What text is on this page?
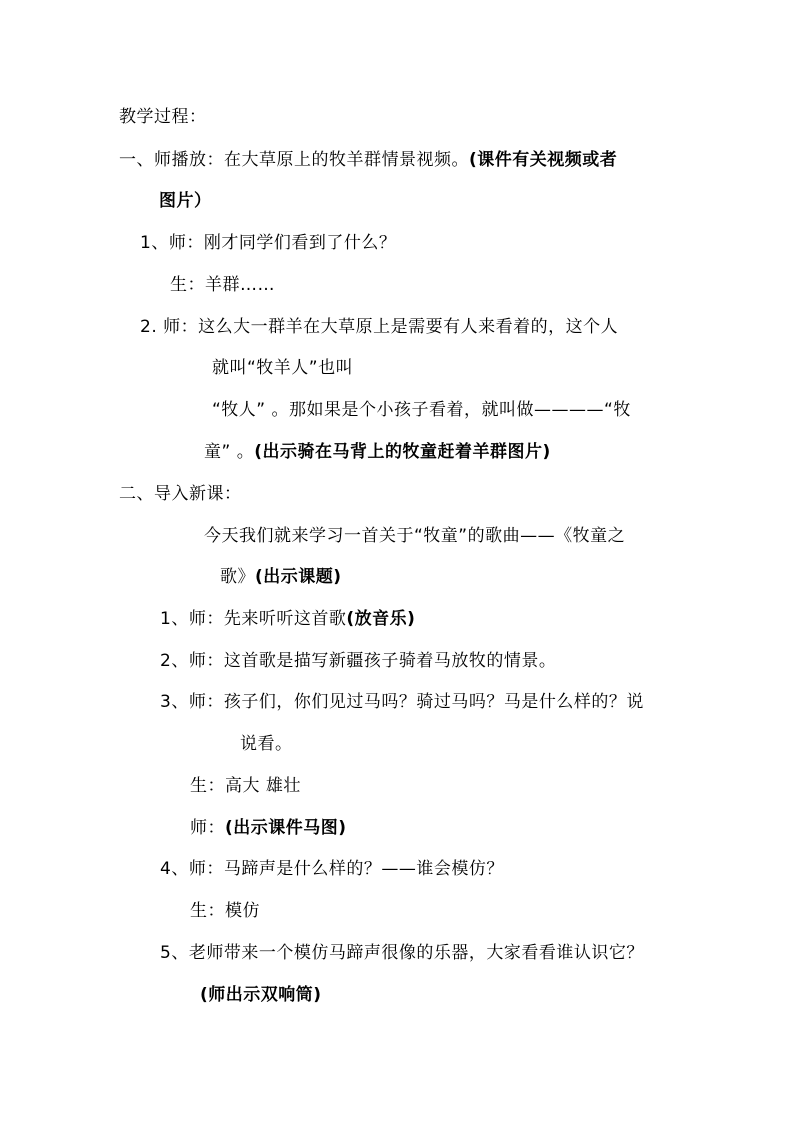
教学过程：
一、师播放：在大草原上的牧羊群情景视频。(课件有关视频或者
图片）
1、师：刚才同学们看到了什么？
生：羊群……
2. 师：这么大一群羊在大草原上是需要有人来看着的，这个人
就叫“牧羊人”也叫
“牧人” 。那如果是个小孩子看着，就叫做————“牧
童” 。(出示骑在马背上的牧童赶着羊群图片)
二、导入新课：
今天我们就来学习一首关于“牧童”的歌曲——《牧童之
歌》(出示课题)
1、师：先来听听这首歌(放音乐)
2、师：这首歌是描写新疆孩子骑着马放牧的情景。
3、师：孩子们，你们见过马吗？骑过马吗？马是什么样的？说
说看。
生：高大 雄壮
师：(出示课件马图)
4、师：马蹄声是什么样的？——谁会模仿？
生：模仿
5、老师带来一个模仿马蹄声很像的乐器，大家看看谁认识它？
(师出示双响筒)
